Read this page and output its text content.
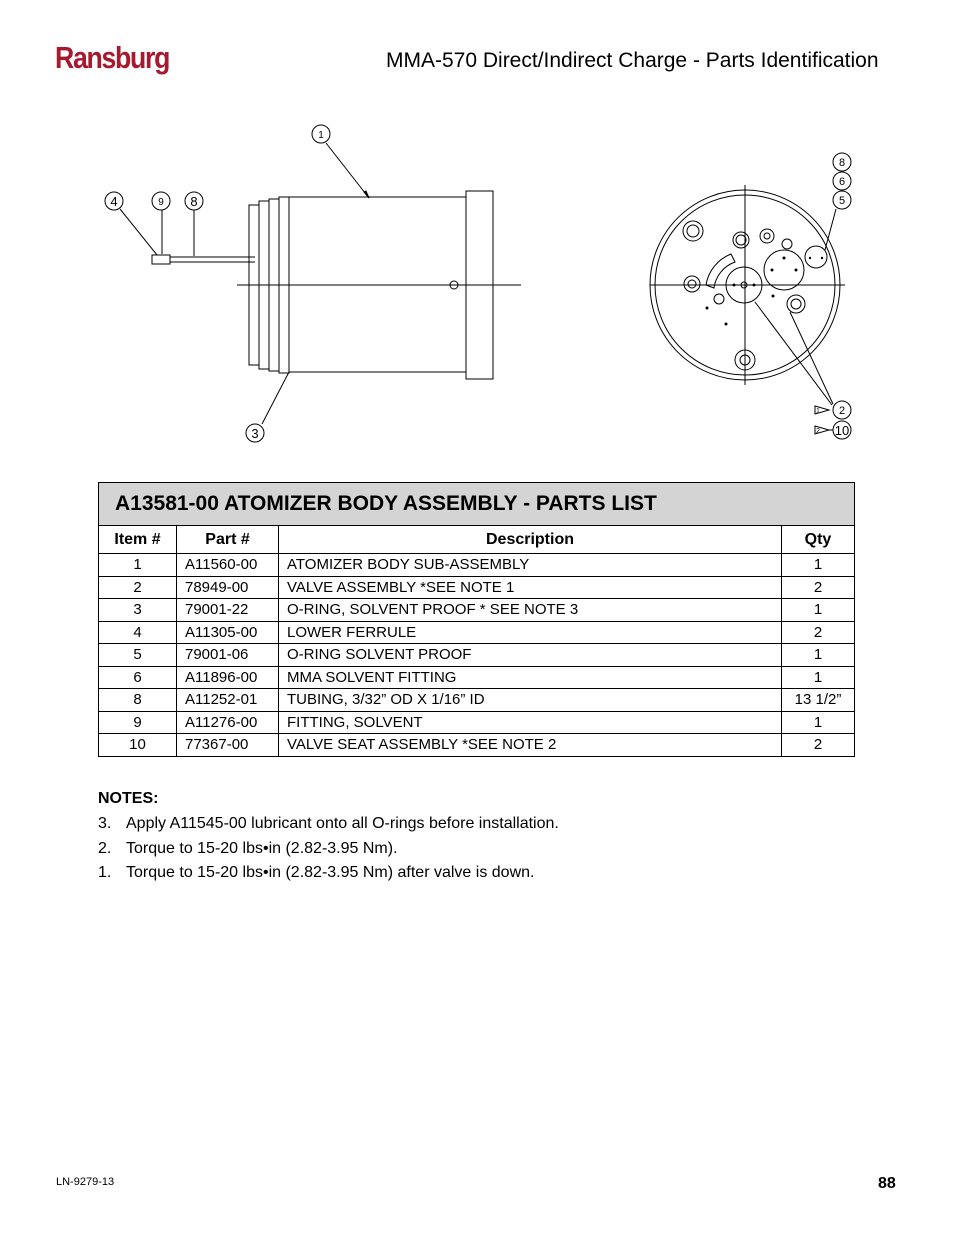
Ransburg	MMA-570 Direct/Indirect Charge - Parts Identification
1
4	9 8
3
8
6
5
2
10
1
2
A13581-00 ATOMIZER BODY ASSEMBLY - PARTS LIST			
Item #	Part #	Description	Qty
1	A11560-00	ATOMIZER BODY SUB-ASSEMBLY	1
2	78949-00	VALVE ASSEMBLY *SEE NOTE 1	2
3	79001-22	O-RING, SOLVENT PROOF * SEE NOTE 3	1
4	A11305-00	LOWER FERRULE	2
5	79001-06	O-RING SOLVENT PROOF	1
6	A11896-00	MMA SOLVENT FITTING	1
8	A11252-01	TUBING, 3/32” OD X 1/16” ID	13 1/2”
9	A11276-00	FITTING, SOLVENT	1
10	77367-00	VALVE SEAT ASSEMBLY *SEE NOTE 2	2
NOTES:
3. Apply A11545-00 lubricant onto all O-rings before installation.
2. Torque to 15-20 lbs•in (2.82-3.95 Nm).
1. Torque to 15-20 lbs•in (2.82-3.95 Nm) after valve is down.
LN-9279-13	88
